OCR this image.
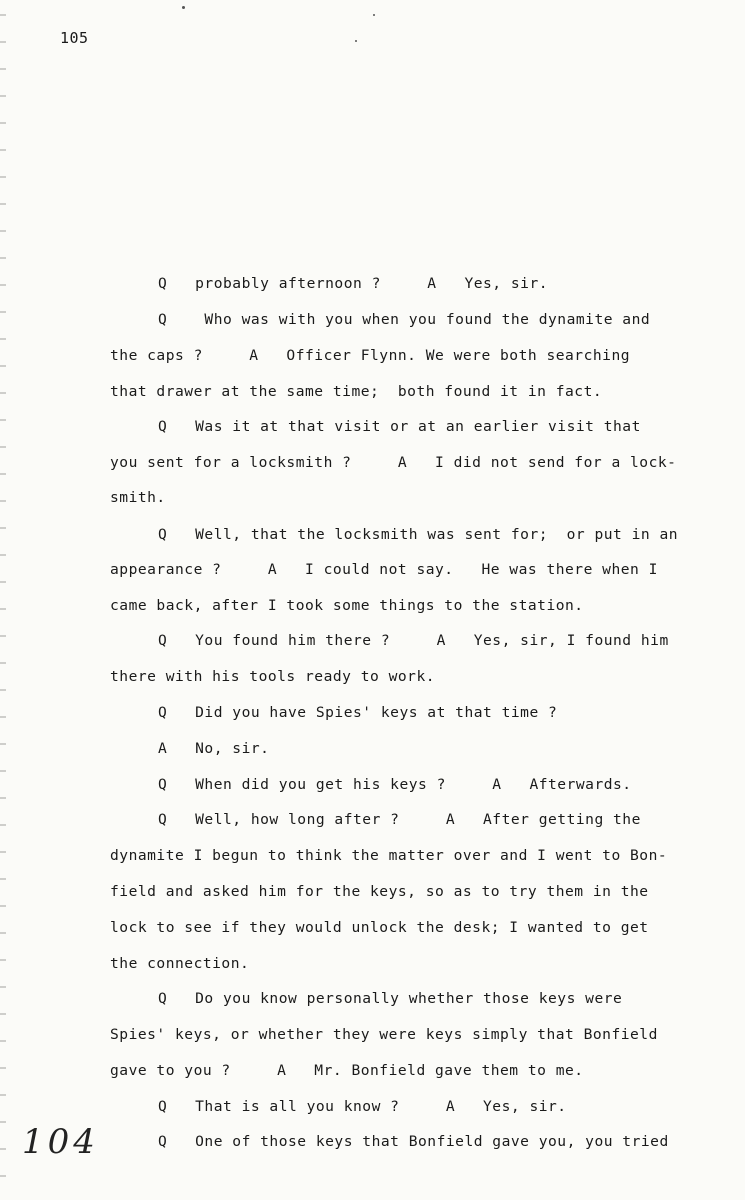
105
Q   probably afternoon ?     A   Yes, sir.
Q    Who was with you when you found the dynamite and
the caps ?     A   Officer Flynn. We were both searching
that drawer at the same time;  both found it in fact.
Q   Was it at that visit or at an earlier visit that
you sent for a locksmith ?     A   I did not send for a lock-
smith.
Q   Well, that the locksmith was sent for;  or put in an
appearance ?     A   I could not say.   He was there when I
came back, after I took some things to the station.
Q   You found him there ?     A   Yes, sir, I found him
there with his tools ready to work.
Q   Did you have Spies' keys at that time ?
A   No, sir.
Q   When did you get his keys ?     A   Afterwards.
Q   Well, how long after ?     A   After getting the
dynamite I begun to think the matter over and I went to Bon-
field and asked him for the keys, so as to try them in the
lock to see if they would unlock the desk; I wanted to get
the connection.
Q   Do you know personally whether those keys were
Spies' keys, or whether they were keys simply that Bonfield
gave to you ?     A   Mr. Bonfield gave them to me.
Q   That is all you know ?     A   Yes, sir.
Q   One of those keys that Bonfield gave you, you tried
104
